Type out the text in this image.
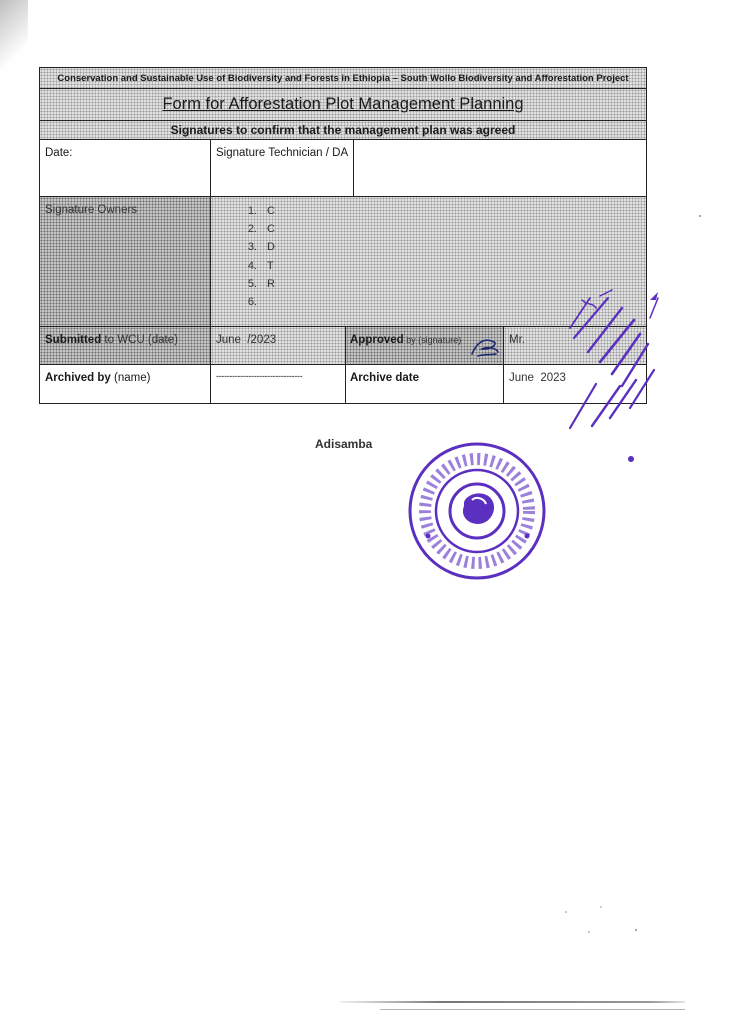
Conservation and Sustainable Use of Biodiversity and Forests in Ethiopia – South Wollo Biodiversity and Afforestation Project
Form for Afforestation Plot Management Planning
Signatures to confirm that the management plan was agreed
Date:	Signature Technician / DA
Signature Owners	1. C
2. C
3. D
4. T
5. R
6.
Submitted to WCU (date)	June  /2023	Approved by (signature)	Mr.
Archived by (name)	--------------------------------	Archive date	June  2023
Adisamba
